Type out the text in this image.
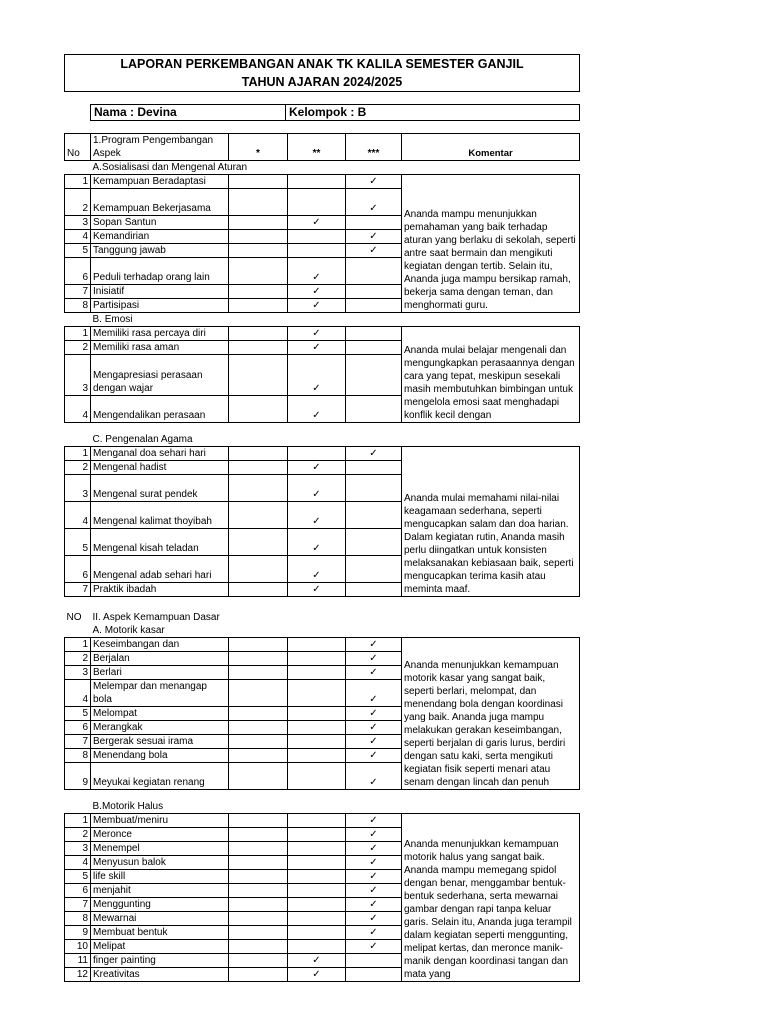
LAPORAN PERKEMBANGAN ANAK TK KALILA SEMESTER GANJIL
TAHUN AJARAN 2024/2025
Nama : Devina	Kelompok : B
No	1.Program Pengembangan Aspek	*	**	***	Komentar
	A.Sosialisasi dan Mengenal Aturan				
1	Kemampuan Beradaptasi			✓	Ananda mampu menunjukkan pemahaman yang baik terhadap aturan yang berlaku di sekolah, seperti antre saat bermain dan mengikuti kegiatan dengan tertib. Selain itu, Ananda juga mampu bersikap ramah, bekerja sama dengan teman, dan menghormati guru.
2	Kemampuan Bekerjasama			✓	
3	Sopan Santun		✓		
4	Kemandirian			✓	
5	Tanggung jawab			✓	
6	Peduli terhadap orang lain		✓		
7	Inisiatif		✓		
8	Partisipasi		✓		
	B. Emosi				
1	Memiliki rasa percaya diri		✓		Ananda mulai belajar mengenali dan mengungkapkan perasaannya dengan cara yang tepat, meskipun sesekali masih membutuhkan bimbingan untuk mengelola emosi saat menghadapi konflik kecil dengan
2	Memiliki rasa aman		✓		
3	Mengapresiasi perasaan dengan wajar		✓		
4	Mengendalikan perasaan		✓		

	C. Pengenalan Agama				
1	Menganal doa sehari hari			✓	Ananda mulai memahami nilai-nilai keagamaan sederhana, seperti mengucapkan salam dan doa harian. Dalam kegiatan rutin, Ananda masih perlu diingatkan untuk konsisten melaksanakan kebiasaan baik, seperti mengucapkan terima kasih atau meminta maaf.
2	Mengenal hadist		✓		
3	Mengenal surat pendek		✓		
4	Mengenal kalimat thoyibah		✓		
5	Mengenal kisah teladan		✓		
6	Mengenal adab sehari hari		✓		
7	Praktik ibadah		✓		

NO	II. Aspek Kemampuan Dasar				
	A. Motorik kasar				
1	Keseimbangan dan			✓	Ananda menunjukkan kemampuan motorik kasar yang sangat baik, seperti berlari, melompat, dan menendang bola dengan koordinasi yang baik. Ananda juga mampu melakukan gerakan keseimbangan, seperti berjalan di garis lurus, berdiri dengan satu kaki, serta mengikuti kegiatan fisik seperti menari atau senam dengan lincah dan penuh
2	Berjalan			✓	
3	Berlari			✓	
4	Melempar dan menangap bola			✓	
5	Melompat			✓	
6	Merangkak			✓	
7	Bergerak sesuai irama			✓	
8	Menendang bola			✓	
9	Meyukai kegiatan renang			✓	

	B.Motorik Halus				
1	Membuat/meniru			✓	Ananda menunjukkan kemampuan motorik halus yang sangat baik. Ananda mampu memegang spidol dengan benar, menggambar bentuk-bentuk sederhana, serta mewarnai gambar dengan rapi tanpa keluar garis. Selain itu, Ananda juga terampil dalam kegiatan seperti menggunting, melipat kertas, dan meronce manik-manik dengan koordinasi tangan dan mata yang
2	Meronce			✓	
3	Menempel			✓	
4	Menyusun balok			✓	
5	life skill			✓	
6	menjahit			✓	
7	Menggunting			✓	
8	Mewarnai			✓	
9	Membuat bentuk			✓	
10	Melipat			✓	
11	finger painting		✓		
12	Kreativitas		✓		
